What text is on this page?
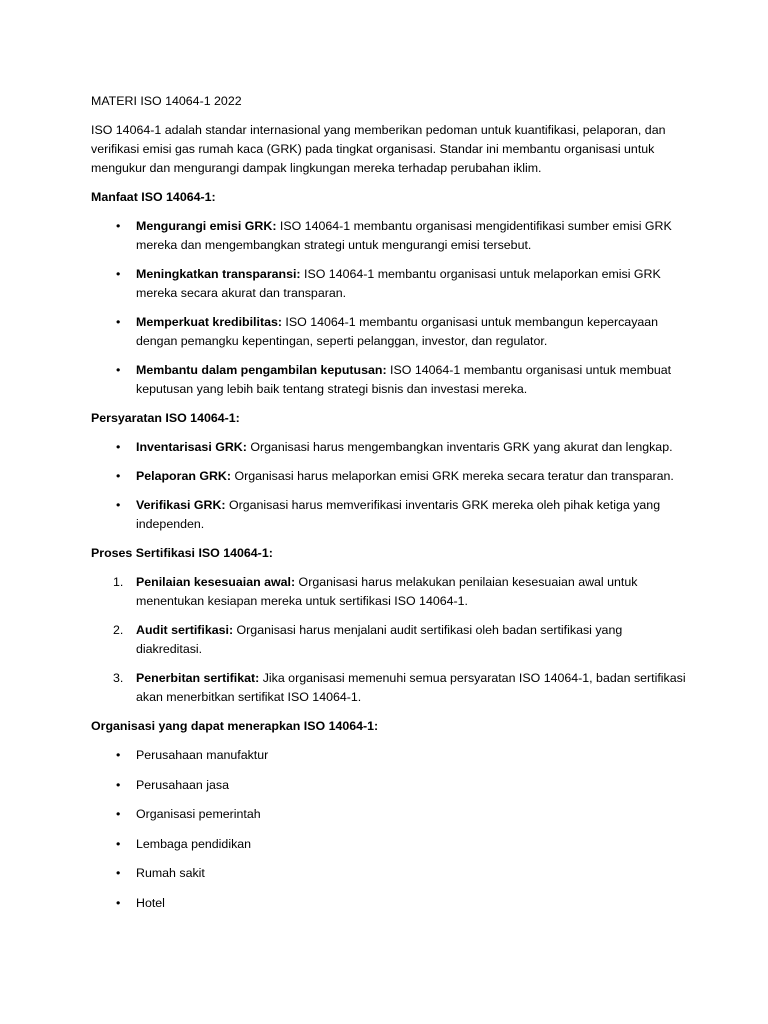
MATERI ISO 14064-1 2022

ISO 14064-1 adalah standar internasional yang memberikan pedoman untuk kuantifikasi, pelaporan, dan verifikasi emisi gas rumah kaca (GRK) pada tingkat organisasi. Standar ini membantu organisasi untuk mengukur dan mengurangi dampak lingkungan mereka terhadap perubahan iklim.

Manfaat ISO 14064-1:

• Mengurangi emisi GRK: ISO 14064-1 membantu organisasi mengidentifikasi sumber emisi GRK mereka dan mengembangkan strategi untuk mengurangi emisi tersebut.
• Meningkatkan transparansi: ISO 14064-1 membantu organisasi untuk melaporkan emisi GRK mereka secara akurat dan transparan.
• Memperkuat kredibilitas: ISO 14064-1 membantu organisasi untuk membangun kepercayaan dengan pemangku kepentingan, seperti pelanggan, investor, dan regulator.
• Membantu dalam pengambilan keputusan: ISO 14064-1 membantu organisasi untuk membuat keputusan yang lebih baik tentang strategi bisnis dan investasi mereka.

Persyaratan ISO 14064-1:

• Inventarisasi GRK: Organisasi harus mengembangkan inventaris GRK yang akurat dan lengkap.
• Pelaporan GRK: Organisasi harus melaporkan emisi GRK mereka secara teratur dan transparan.
• Verifikasi GRK: Organisasi harus memverifikasi inventaris GRK mereka oleh pihak ketiga yang independen.

Proses Sertifikasi ISO 14064-1:

1. Penilaian kesesuaian awal: Organisasi harus melakukan penilaian kesesuaian awal untuk menentukan kesiapan mereka untuk sertifikasi ISO 14064-1.
2. Audit sertifikasi: Organisasi harus menjalani audit sertifikasi oleh badan sertifikasi yang diakreditasi.
3. Penerbitan sertifikat: Jika organisasi memenuhi semua persyaratan ISO 14064-1, badan sertifikasi akan menerbitkan sertifikat ISO 14064-1.

Organisasi yang dapat menerapkan ISO 14064-1:

• Perusahaan manufaktur
• Perusahaan jasa
• Organisasi pemerintah
• Lembaga pendidikan
• Rumah sakit
• Hotel
